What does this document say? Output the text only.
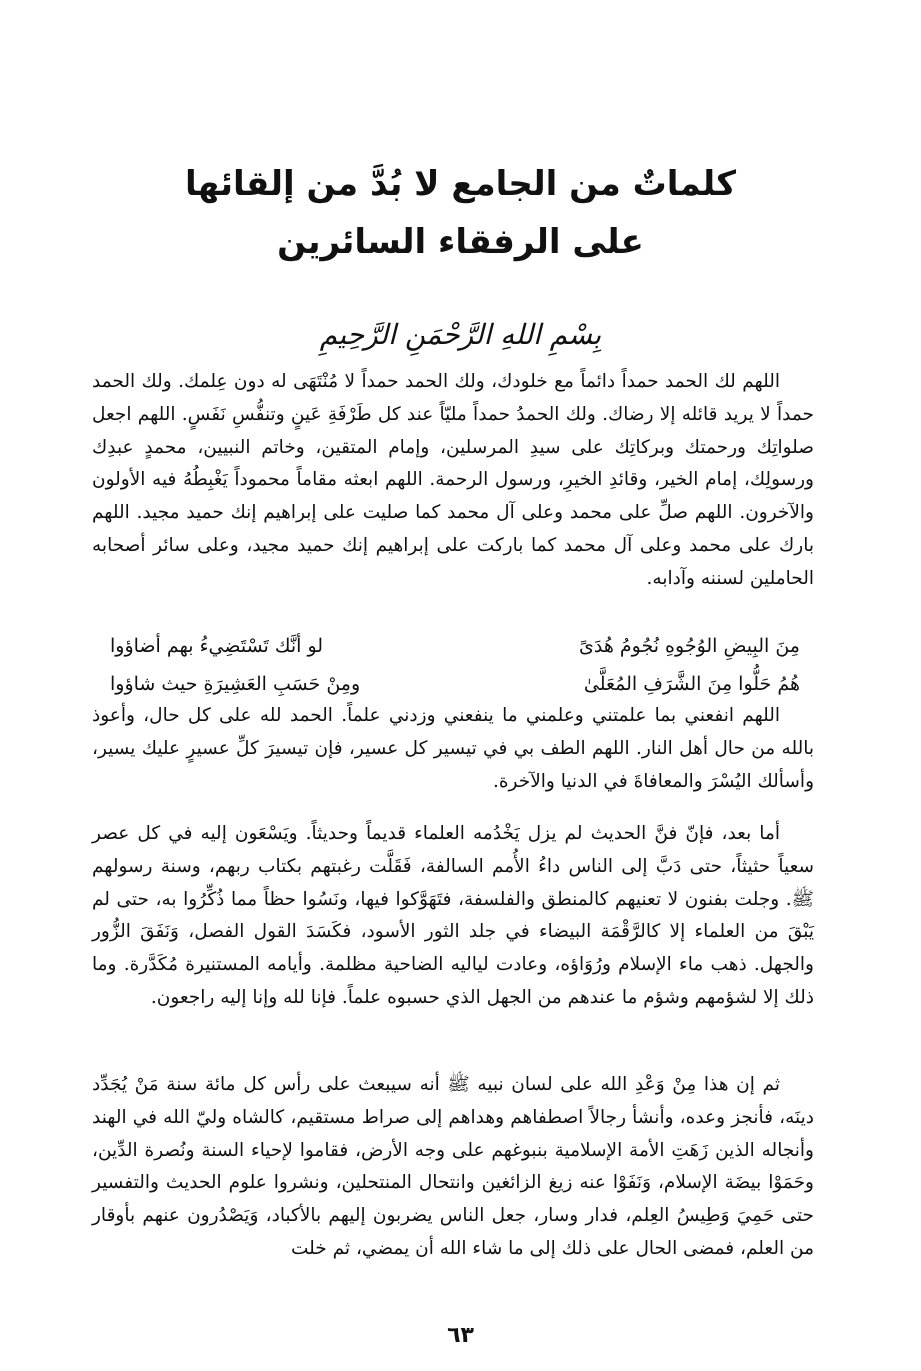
كلماتٌ من الجامع لا بُدَّ من إلقائها
على الرفقاء السائرين
بِسْمِ اللهِ الرَّحْمَنِ الرَّحِيمِ

اللهم لك الحمد حمداً دائماً مع خلودك، ولك الحمد حمداً لا مُنْتَهَى له دون عِلمك. ولك الحمد حمداً لا يريد قائله إلا رضاك. ولك الحمدُ حمداً مليّاً عند كل طَرْفَةِ عَينٍ وتنفُّسِ نَفَسٍ. اللهم اجعل صلواتِك ورحمتك وبركاتِك على سيدِ المرسلين، وإمام المتقين، وخاتم النبيين، محمدٍ عبدِك ورسولِك، إمام الخير، وقائدِ الخيرِ، ورسول الرحمة. اللهم ابعثه مقاماً محموداً يَغْبِطُهُ فيه الأولون والآخرون. اللهم صلِّ على محمد وعلى آل محمد كما صليت على إبراهيم إنك حميد مجيد. اللهم بارك على محمد وعلى آل محمد كما باركت على إبراهيم إنك حميد مجيد، وعلى سائر أصحابه الحاملين لسننه وآدابه.

مِنَ البِيضِ الوُجُوهِ نُجُومُ هُدَىً
لو أنَّك تَسْتَضِيءُ بهم أضاؤوا
هُمُ حَلُّوا مِنَ الشَّرَفِ المُعَلَّىٰ
ومِنْ حَسَبِ العَشِيرَةِ حيث شاؤوا

اللهم انفعني بما علمتني وعلمني ما ينفعني وزدني علماً. الحمد لله على كل حال، وأعوذ بالله من حال أهل النار. اللهم الطف بي في تيسير كل عسير، فإن تيسيرَ كلِّ عسيرٍ عليك يسير، وأسألك اليُسْرَ والمعافاةَ في الدنيا والآخرة.

أما بعد، فإنّ فنَّ الحديث لم يزل يَخْدُمه العلماء قديماً وحديثاً. ويَسْعَون إليه في كل عصر سعياً حثيثاً، حتى دَبَّ إلى الناس داءُ الأُمم السالفة، فَقَلَّت رغبتهم بكتاب ربهم، وسنة رسولهم ﷺ. وجلت بفنون لا تعنيهم كالمنطق والفلسفة، فتَهَوَّكوا فيها، ونَسُوا حظاً مما ذُكِّرُوا به، حتى لم يَبْقَ من العلماء إلا كالرَّقْمَة البيضاء في جلد الثور الأسود، فكَسَدَ القول الفصل، وَنَفَقَ الزُّور والجهل. ذهب ماء الإسلام ورُوَاؤه، وعادت لياليه الضاحية مظلمة. وأيامه المستنيرة مُكَدَّرة. وما ذلك إلا لشؤمهم وشؤم ما عندهم من الجهل الذي حسبوه علماً. فإنا لله وإنا إليه راجعون.

ثم إن هذا مِنْ وَعْدِ الله على لسان نبيه ﷺ أنه سيبعث على رأس كل مائة سنة مَنْ يُجَدِّد دينَه، فأنجز وعده، وأنشأ رجالاً اصطفاهم وهداهم إلى صراط مستقيم، كالشاه وليّ الله في الهند وأنجاله الذين زَهَتِ الأمة الإسلامية بنبوغهم على وجه الأرض، فقاموا لإحياء السنة ونُصرة الدِّين، وحَمَوْا بيضَة الإسلام، وَنَفَوْا عنه زيغ الزائغين وانتحال المنتحلين، ونشروا علوم الحديث والتفسير حتى حَمِيَ وَطِيسُ العِلم، فدار وسار، جعل الناس يضربون إليهم بالأكباد، وَيَصْدُرون عنهم بأوقار من العلم، فمضى الحال على ذلك إلى ما شاء الله أن يمضي، ثم خلت

٦٣
